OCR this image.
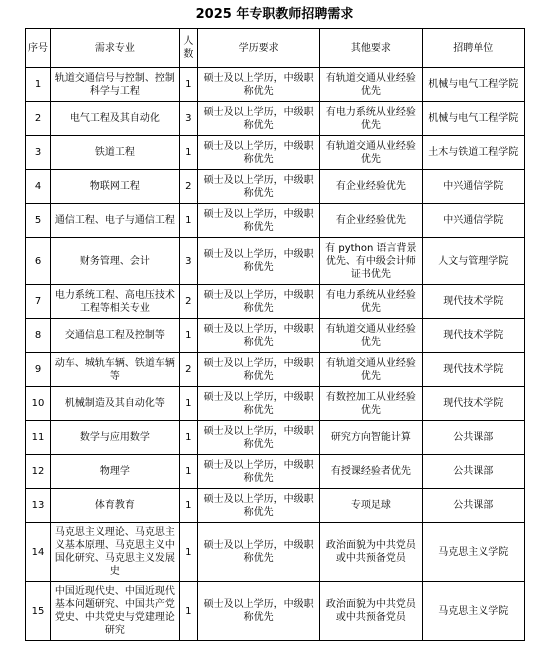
2025 年专职教师招聘需求
序号	需求专业	人数	学历要求	其他要求	招聘单位
1	轨道交通信号与控制、控制科学与工程	1	硕士及以上学历，中级职称优先	有轨道交通从业经验优先	机械与电气工程学院
2	电气工程及其自动化	3	硕士及以上学历，中级职称优先	有电力系统从业经验优先	机械与电气工程学院
3	铁道工程	1	硕士及以上学历，中级职称优先	有轨道交通从业经验优先	土木与铁道工程学院
4	物联网工程	2	硕士及以上学历，中级职称优先	有企业经验优先	中兴通信学院
5	通信工程、电子与通信工程	1	硕士及以上学历，中级职称优先	有企业经验优先	中兴通信学院
6	财务管理、会计	3	硕士及以上学历，中级职称优先	有 python 语言背景优先、有中级会计师证书优先	人文与管理学院
7	电力系统工程、高电压技术工程等相关专业	2	硕士及以上学历，中级职称优先	有电力系统从业经验优先	现代技术学院
8	交通信息工程及控制等	1	硕士及以上学历，中级职称优先	有轨道交通从业经验优先	现代技术学院
9	动车、城轨车辆、铁道车辆等	2	硕士及以上学历，中级职称优先	有轨道交通从业经验优先	现代技术学院
10	机械制造及其自动化等	1	硕士及以上学历，中级职称优先	有数控加工从业经验优先	现代技术学院
11	数学与应用数学	1	硕士及以上学历，中级职称优先	研究方向智能计算	公共课部
12	物理学	1	硕士及以上学历，中级职称优先	有授课经验者优先	公共课部
13	体育教育	1	硕士及以上学历，中级职称优先	专项足球	公共课部
14	马克思主义理论、马克思主义基本原理、马克思主义中国化研究、马克思主义发展史	1	硕士及以上学历，中级职称优先	政治面貌为中共党员或中共预备党员	马克思主义学院
15	中国近现代史、中国近现代基本问题研究、中国共产党党史、中共党史与党建理论研究	1	硕士及以上学历，中级职称优先	政治面貌为中共党员或中共预备党员	马克思主义学院
